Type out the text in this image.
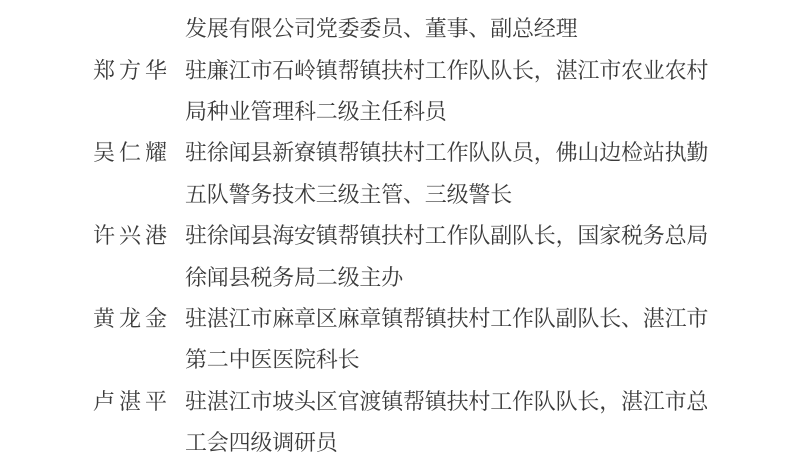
发展有限公司党委委员、董事、副总经理
郑方华 驻廉江市石岭镇帮镇扶村工作队队长，湛江市农业农村
局种业管理科二级主任科员
吴仁耀 驻徐闻县新寮镇帮镇扶村工作队队员，佛山边检站执勤
五队警务技术三级主管、三级警长
许兴港 驻徐闻县海安镇帮镇扶村工作队副队长，国家税务总局
徐闻县税务局二级主办
黄龙金 驻湛江市麻章区麻章镇帮镇扶村工作队副队长、湛江市
第二中医医院科长
卢湛平 驻湛江市坡头区官渡镇帮镇扶村工作队队长，湛江市总
工会四级调研员
